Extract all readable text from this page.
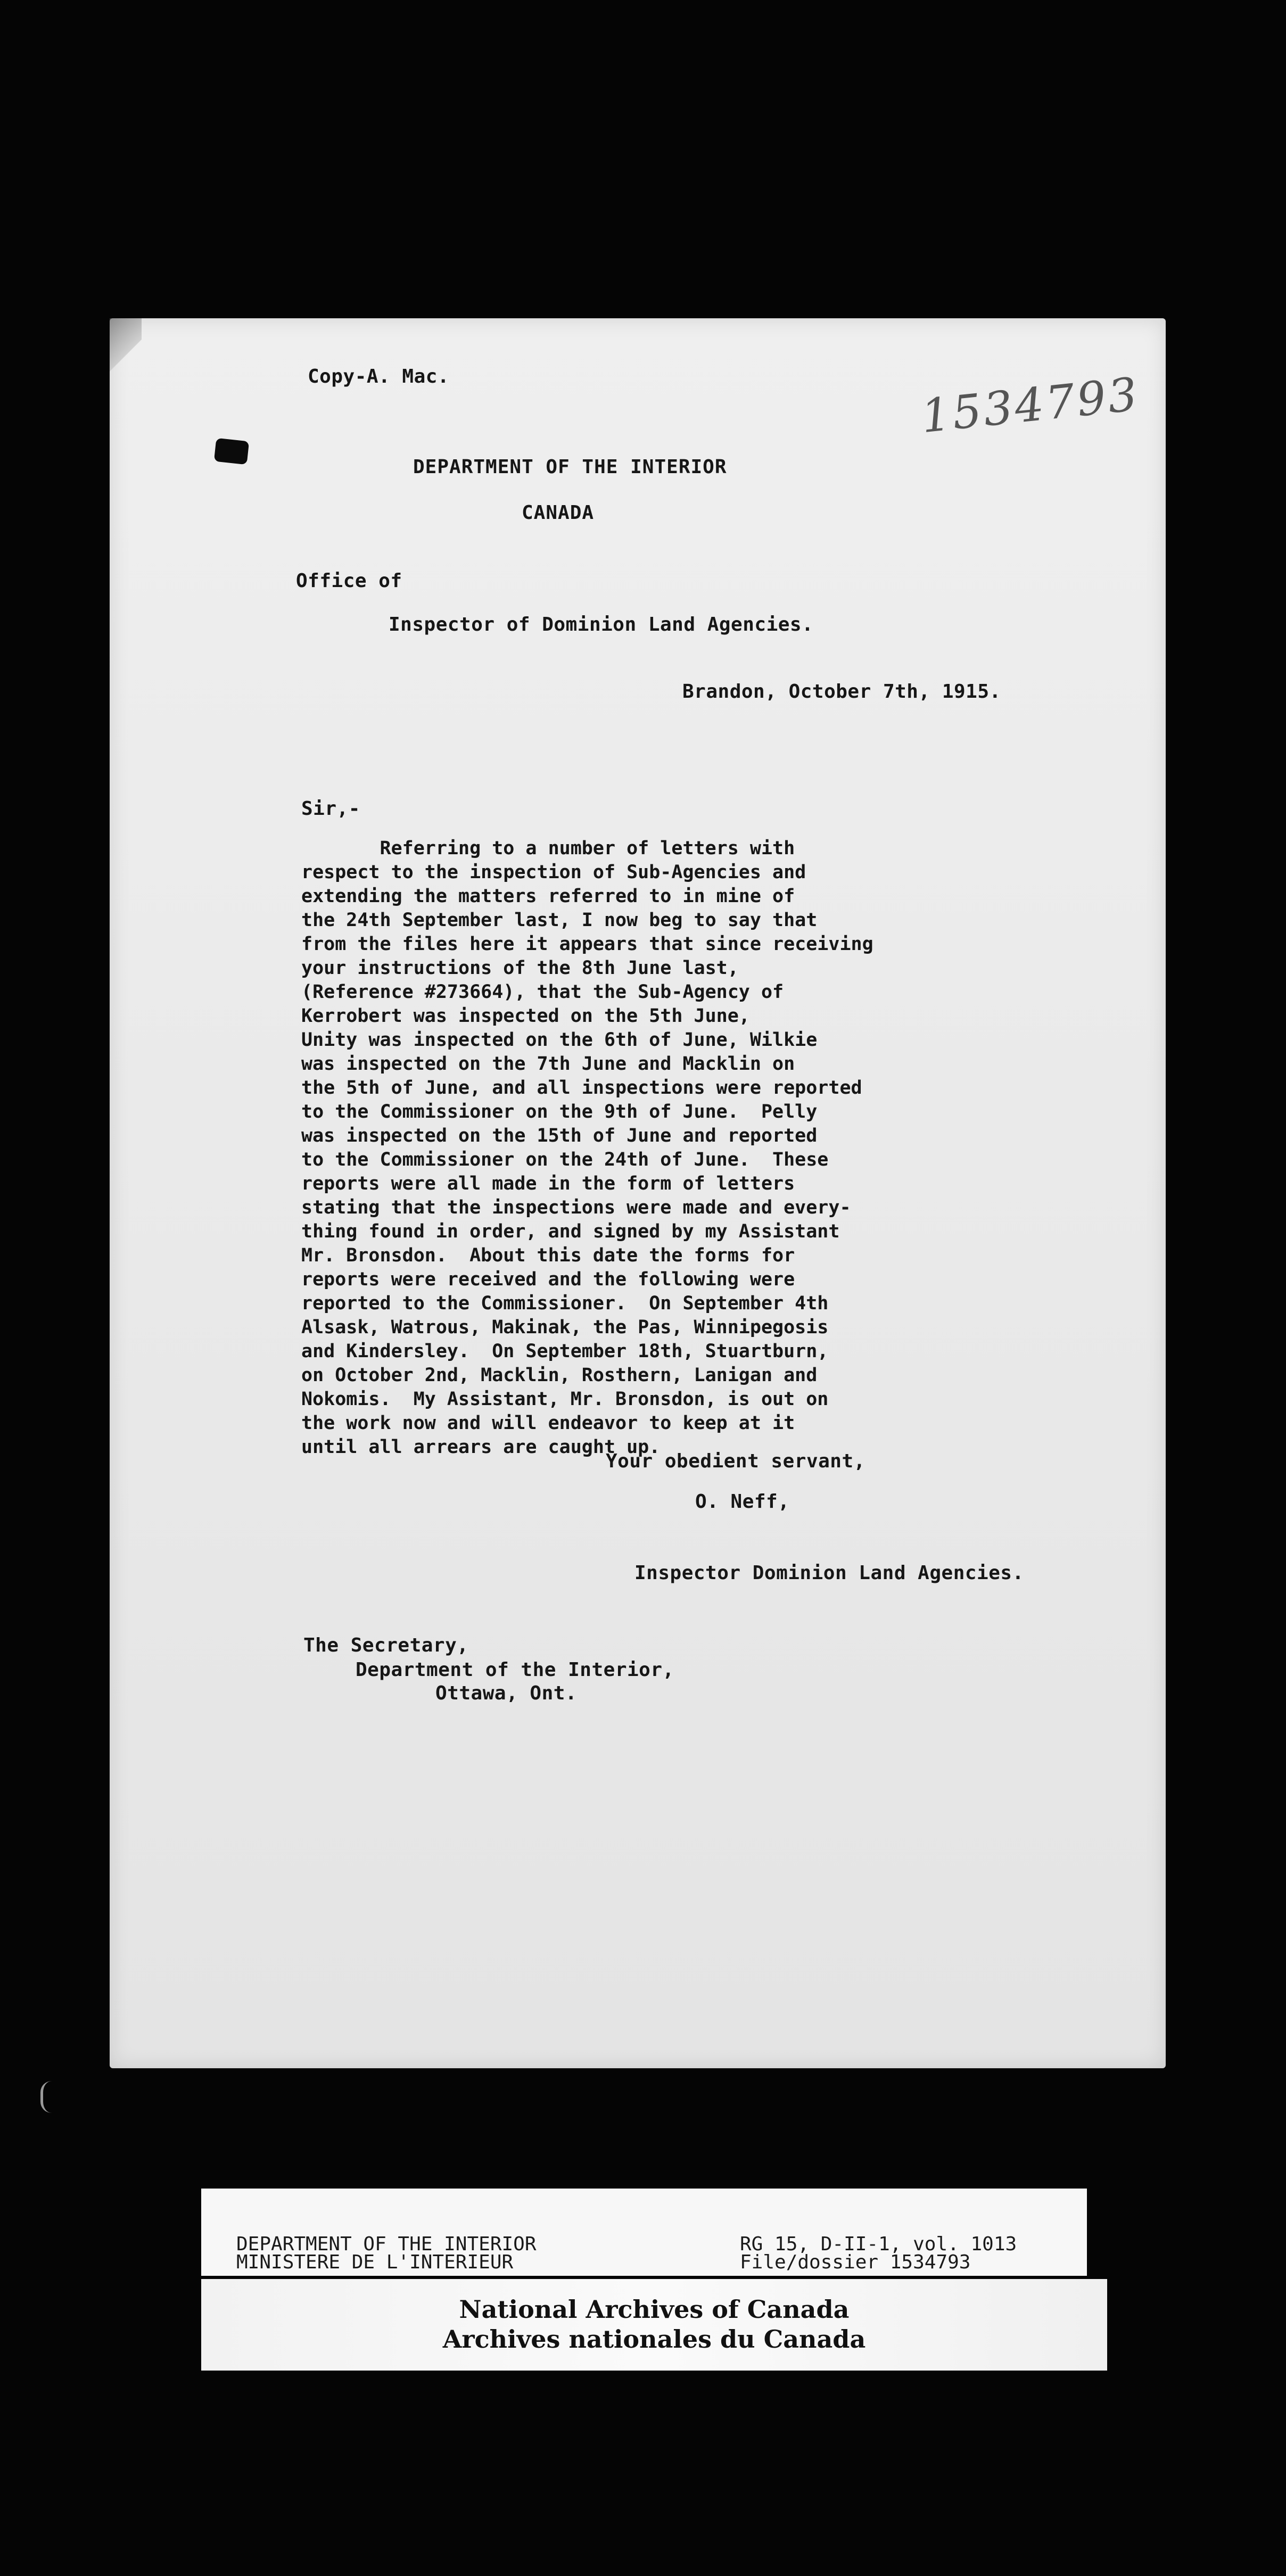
Copy-A. Mac.	1534793
DEPARTMENT OF THE INTERIOR
CANADA
Office of
Inspector of Dominion Land Agencies.
Brandon, October 7th, 1915.
Sir,-
Referring to a number of letters with
respect to the inspection of Sub-Agencies and
extending the matters referred to in mine of
the 24th September last, I now beg to say that
from the files here it appears that since receiving
your instructions of the 8th June last,
(Reference #273664), that the Sub-Agency of
Kerrobert was inspected on the 5th June,
Unity was inspected on the 6th of June, Wilkie
was inspected on the 7th June and Macklin on
the 5th of June, and all inspections were reported
to the Commissioner on the 9th of June.  Pelly
was inspected on the 15th of June and reported
to the Commissioner on the 24th of June.  These
reports were all made in the form of letters
stating that the inspections were made and every-
thing found in order, and signed by my Assistant
Mr. Bronsdon.  About this date the forms for
reports were received and the following were
reported to the Commissioner.  On September 4th
Alsask, Watrous, Makinak, the Pas, Winnipegosis
and Kindersley.  On September 18th, Stuartburn,
on October 2nd, Macklin, Rosthern, Lanigan and
Nokomis.  My Assistant, Mr. Bronsdon, is out on
the work now and will endeavor to keep at it
until all arrears are caught up.
Your obedient servant,
O. Neff,
Inspector Dominion Land Agencies.
The Secretary,
Department of the Interior,
Ottawa, Ont.
DEPARTMENT OF THE INTERIOR
MINISTERE DE L'INTERIEUR
RG 15, D-II-1, vol. 1013
File/dossier 1534793
National Archives of Canada
Archives nationales du Canada
